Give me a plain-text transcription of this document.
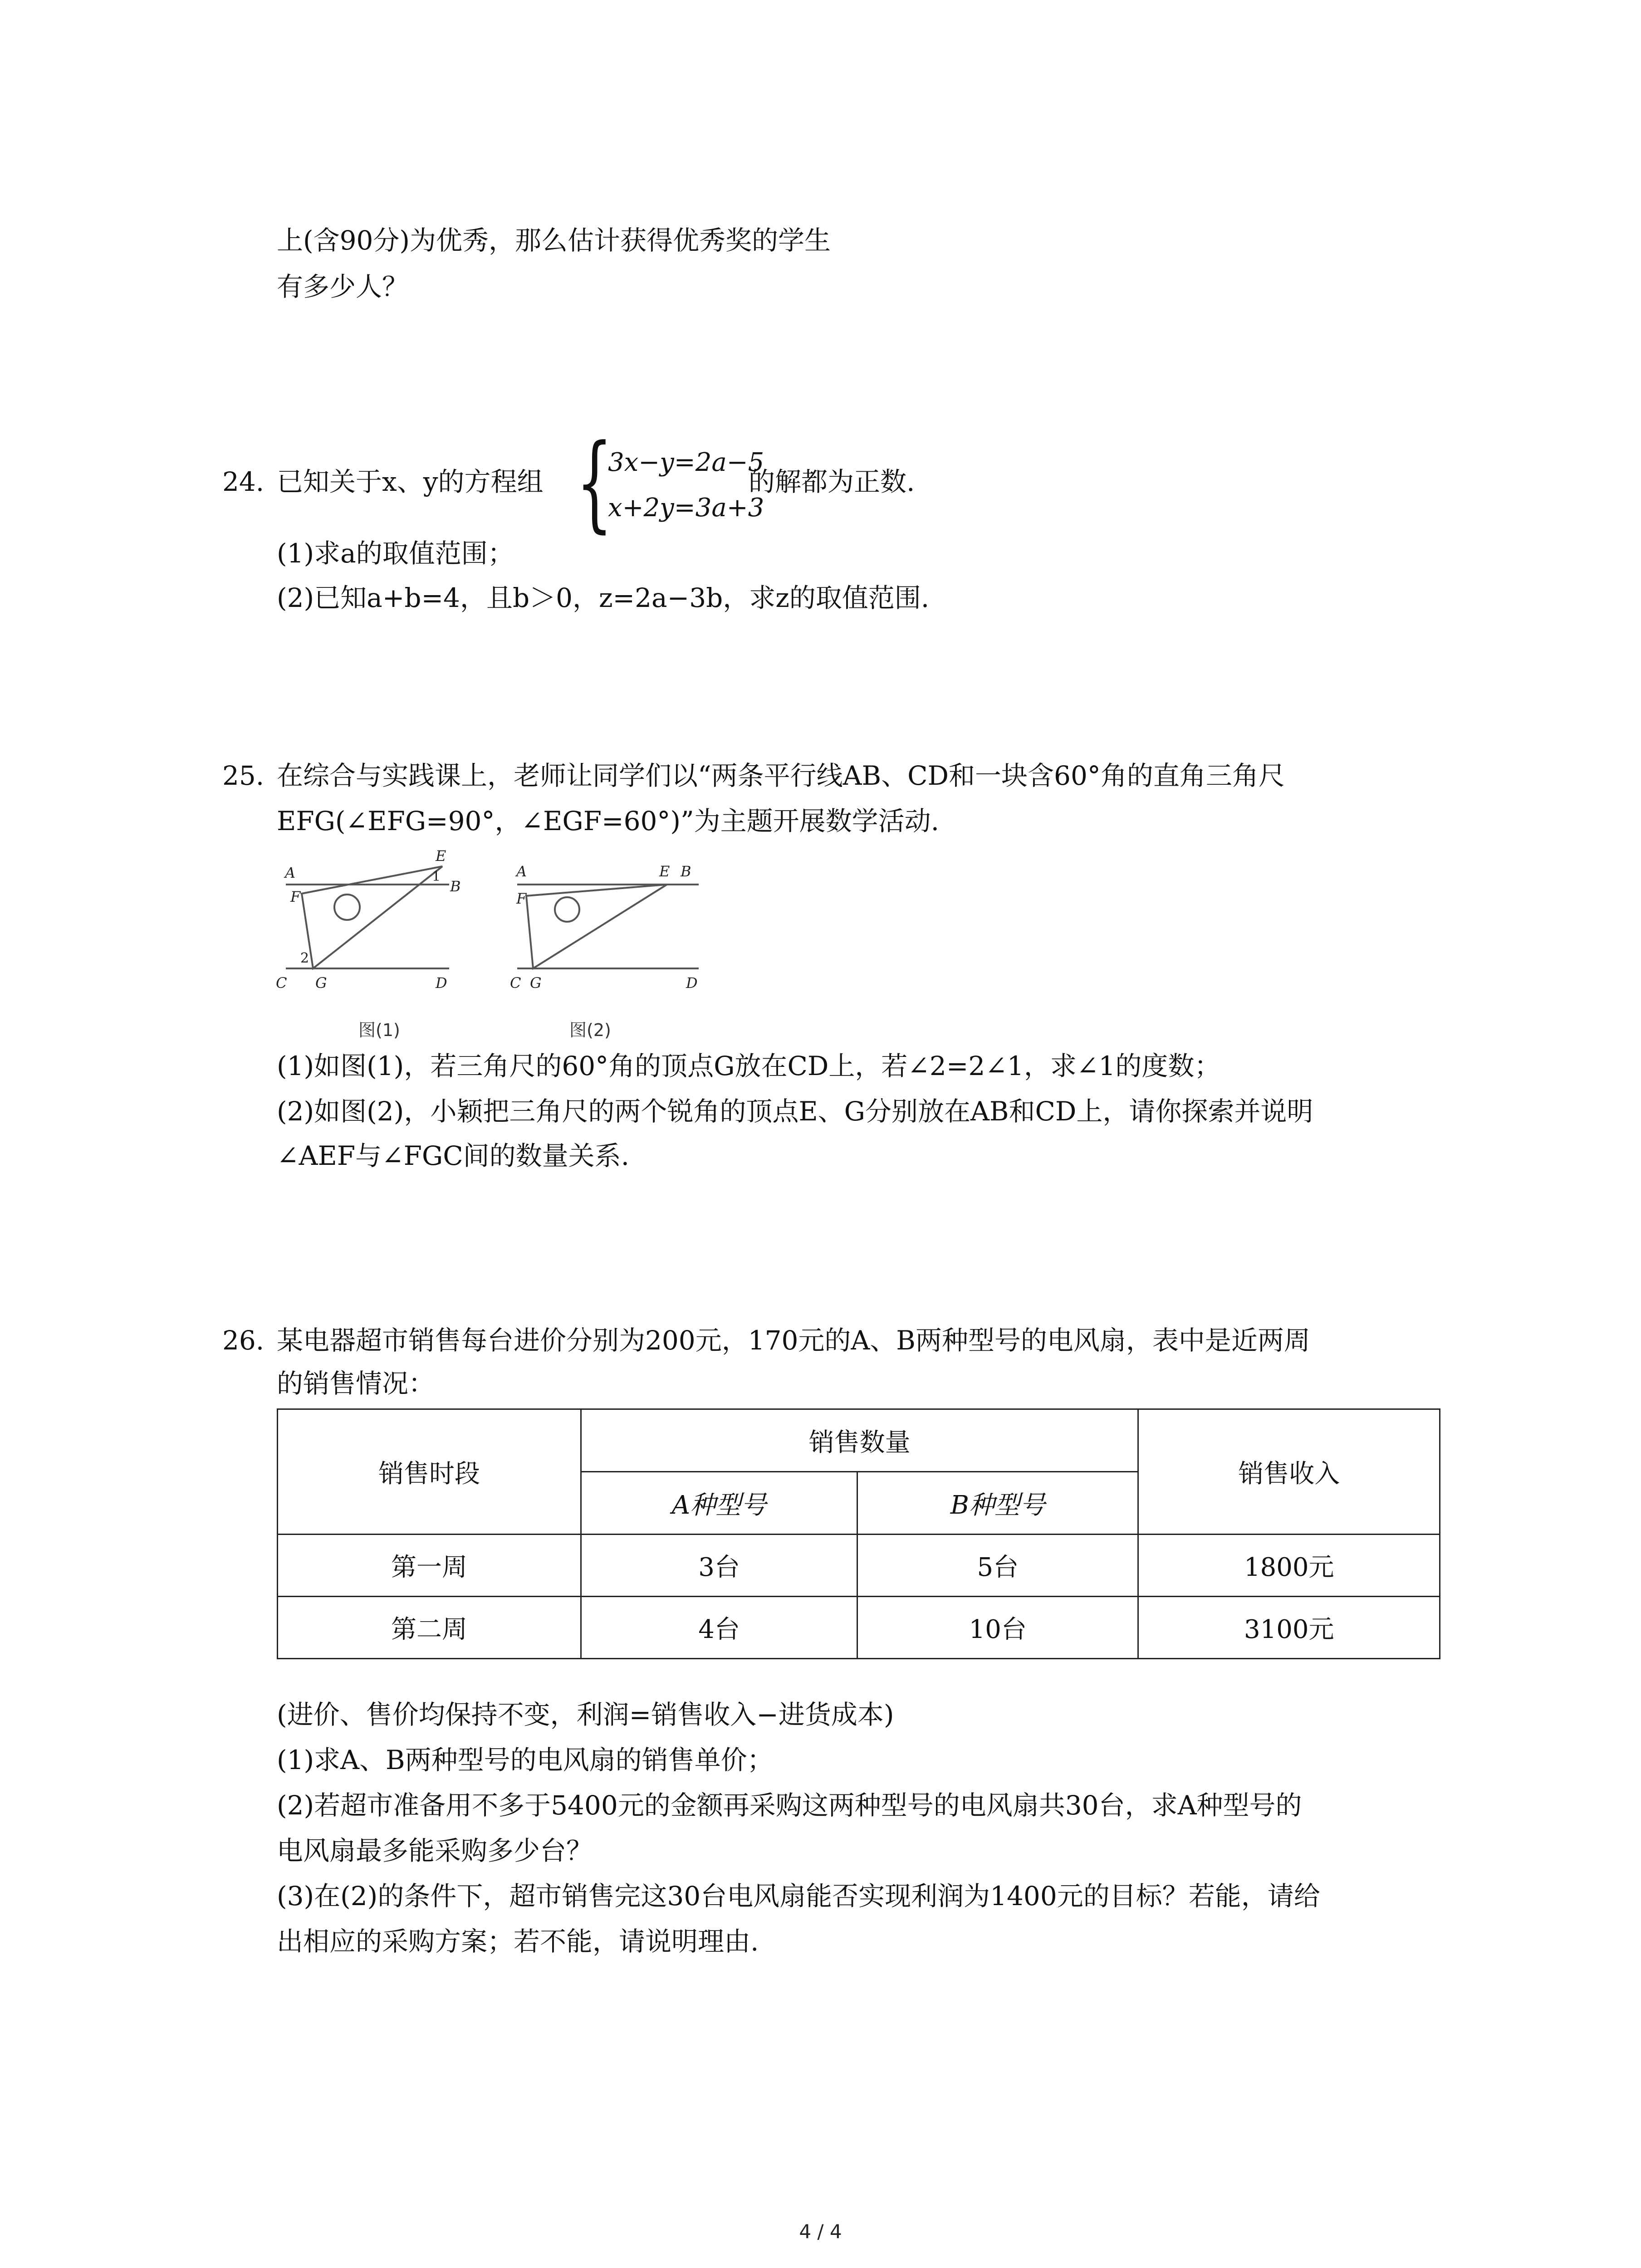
上(含90分)为优秀，那么估计获得优秀奖的学生
有多少人？
24. 已知关于x、y的方程组 {
3x−y=2a−5
x+2y=3a+3
的解都为正数.
(1)求a的取值范围；
(2)已知a+b=4，且b＞0，z=2a−3b，求z的取值范围.
25. 在综合与实践课上，老师让同学们以“两条平行线AB、CD和一块含60°角的直角三角尺
EFG(∠EFG=90°，∠EGF=60°)”为主题开展数学活动.
A
F
E
B
1
2
C G	D
图(1)
A
F
E B
C G	D
图(2)
(1)如图(1)，若三角尺的60°角的顶点G放在CD上，若∠2=2∠1，求∠1的度数；
(2)如图(2)，小颖把三角尺的两个锐角的顶点E、G分别放在AB和CD上，请你探索并说明
∠AEF与∠FGC间的数量关系.
26. 某电器超市销售每台进价分别为200元，170元的A、B两种型号的电风扇，表中是近两周
的销售情况：
销售时段	销售数量		销售收入
	A种型号	B种型号	
第一周	3台	5台	1800元
第二周	4台	10台	3100元
(进价、售价均保持不变，利润=销售收入−进货成本)
(1)求A、B两种型号的电风扇的销售单价；
(2)若超市准备用不多于5400元的金额再采购这两种型号的电风扇共30台，求A种型号的
电风扇最多能采购多少台？
(3)在(2)的条件下，超市销售完这30台电风扇能否实现利润为1400元的目标？若能，请给
出相应的采购方案；若不能，请说明理由.
4 / 4
